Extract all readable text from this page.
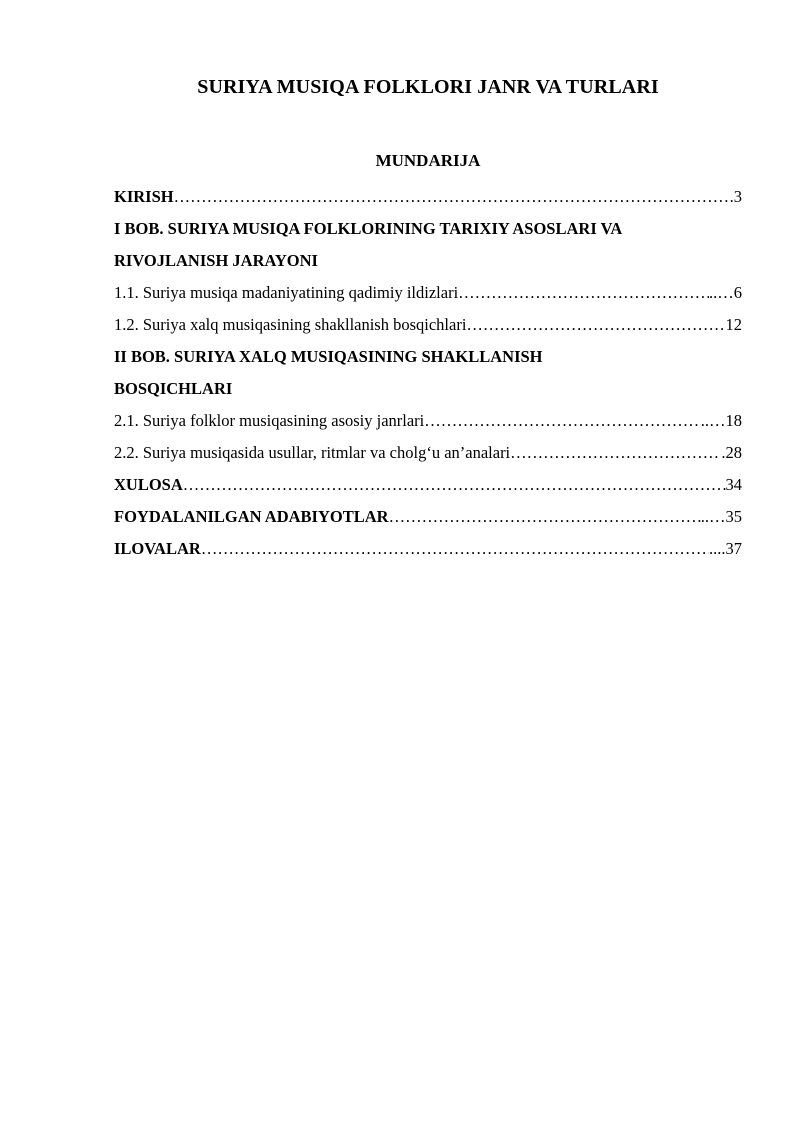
SURIYA MUSIQA FOLKLORI JANR VA TURLARI
MUNDARIJA
KIRISH ……………………………………………………………………………………………………………………………………………………………………………………	.3
I BOB. SURIYA MUSIQA FOLKLORINING TARIXIY ASOSLARI VA
RIVOJLANISH JARAYONI
1.1. Suriya musiqa madaniyatining qadimiy ildizlari ……………………………………………………………………………………………………………………………………………………………………………………	..…6
1.2. Suriya xalq musiqasining shakllanish bosqichlari ……………………………………………………………………………………………………………………………………………………………………………………	12
II BOB. SURIYA XALQ MUSIQASINING SHAKLLANISH
BOSQICHLARI
2.1. Suriya folklor musiqasining asosiy janrlari ……………………………………………………………………………………………………………………………………………………………………………………	..…18
2.2. Suriya musiqasida usullar, ritmlar va cholg‘u an’analari ……………………………………………………………………………………………………………………………………………………………………………………	.28
XULOSA ……………………………………………………………………………………………………………………………………………………………………………………	34
FOYDALANILGAN ADABIYOTLAR ……………………………………………………………………………………………………………………………………………………………………………………	..…35
ILOVALAR ……………………………………………………………………………………………………………………………………………………………………………………	....37
